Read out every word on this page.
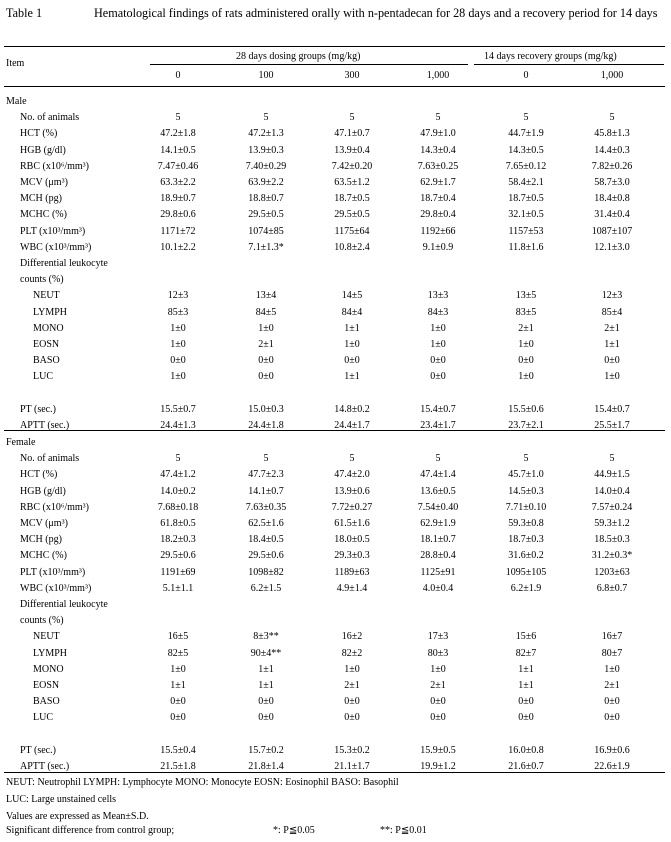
Table 1	Hematological findings of rats administered orally with n-pentadecan for 28 days and a recovery period for 14 days
Item
28 days dosing groups (mg/kg)	14 days recovery groups (mg/kg)
0	100	300	1,000	0	1,000
Male
No. of animals	5	5	5	5	5	5
HCT (%)	47.2±1.8	47.2±1.3	47.1±0.7	47.9±1.0	44.7±1.9	45.8±1.3
HGB (g/dl)	14.1±0.5	13.9±0.3	13.9±0.4	14.3±0.4	14.3±0.5	14.4±0.3
RBC (x10⁶/mm³)	7.47±0.46	7.40±0.29	7.42±0.20	7.63±0.25	7.65±0.12	7.82±0.26
MCV (μm³)	63.3±2.2	63.9±2.2	63.5±1.2	62.9±1.7	58.4±2.1	58.7±3.0
MCH (pg)	18.9±0.7	18.8±0.7	18.7±0.5	18.7±0.4	18.7±0.5	18.4±0.8
MCHC (%)	29.8±0.6	29.5±0.5	29.5±0.5	29.8±0.4	32.1±0.5	31.4±0.4
PLT (x10³/mm³)	1171±72	1074±85	1175±64	1192±66	1157±53	1087±107
WBC (x10³/mm³)	10.1±2.2	7.1±1.3*	10.8±2.4	9.1±0.9	11.8±1.6	12.1±3.0
Differential leukocyte
counts (%)
NEUT	12±3	13±4	14±5	13±3	13±5	12±3
LYMPH	85±3	84±5	84±4	84±3	83±5	85±4
MONO	1±0	1±0	1±1	1±0	2±1	2±1
EOSN	1±0	2±1	1±0	1±0	1±0	1±1
BASO	0±0	0±0	0±0	0±0	0±0	0±0
LUC	1±0	0±0	1±1	0±0	1±0	1±0
PT (sec.)	15.5±0.7	15.0±0.3	14.8±0.2	15.4±0.7	15.5±0.6	15.4±0.7
APTT (sec.)	24.4±1.3	24.4±1.8	24.4±1.7	23.4±1.7	23.7±2.1	25.5±1.7
Female
No. of animals	5	5	5	5	5	5
HCT (%)	47.4±1.2	47.7±2.3	47.4±2.0	47.4±1.4	45.7±1.0	44.9±1.5
HGB (g/dl)	14.0±0.2	14.1±0.7	13.9±0.6	13.6±0.5	14.5±0.3	14.0±0.4
RBC (x10⁶/mm³)	7.68±0.18	7.63±0.35	7.72±0.27	7.54±0.40	7.71±0.10	7.57±0.24
MCV (μm³)	61.8±0.5	62.5±1.6	61.5±1.6	62.9±1.9	59.3±0.8	59.3±1.2
MCH (pg)	18.2±0.3	18.4±0.5	18.0±0.5	18.1±0.7	18.7±0.3	18.5±0.3
MCHC (%)	29.5±0.6	29.5±0.6	29.3±0.3	28.8±0.4	31.6±0.2	31.2±0.3*
PLT (x10³/mm³)	1191±69	1098±82	1189±63	1125±91	1095±105	1203±63
WBC (x10³/mm³)	5.1±1.1	6.2±1.5	4.9±1.4	4.0±0.4	6.2±1.9	6.8±0.7
Differential leukocyte
counts (%)
NEUT	16±5	8±3**	16±2	17±3	15±6	16±7
LYMPH	82±5	90±4**	82±2	80±3	82±7	80±7
MONO	1±0	1±1	1±0	1±0	1±1	1±0
EOSN	1±1	1±1	2±1	2±1	1±1	2±1
BASO	0±0	0±0	0±0	0±0	0±0	0±0
LUC	0±0	0±0	0±0	0±0	0±0	0±0
PT (sec.)	15.5±0.4	15.7±0.2	15.3±0.2	15.9±0.5	16.0±0.8	16.9±0.6
APTT (sec.)	21.5±1.8	21.8±1.4	21.1±1.7	19.9±1.2	21.6±0.7	22.6±1.9
NEUT: Neutrophil LYMPH: Lymphocyte MONO: Monocyte EOSN: Eosinophil BASO: Basophil
LUC: Large unstained cells
Values are expressed as Mean±S.D.
Significant difference from control group;	*: P≦0.05	**: P≦0.01
